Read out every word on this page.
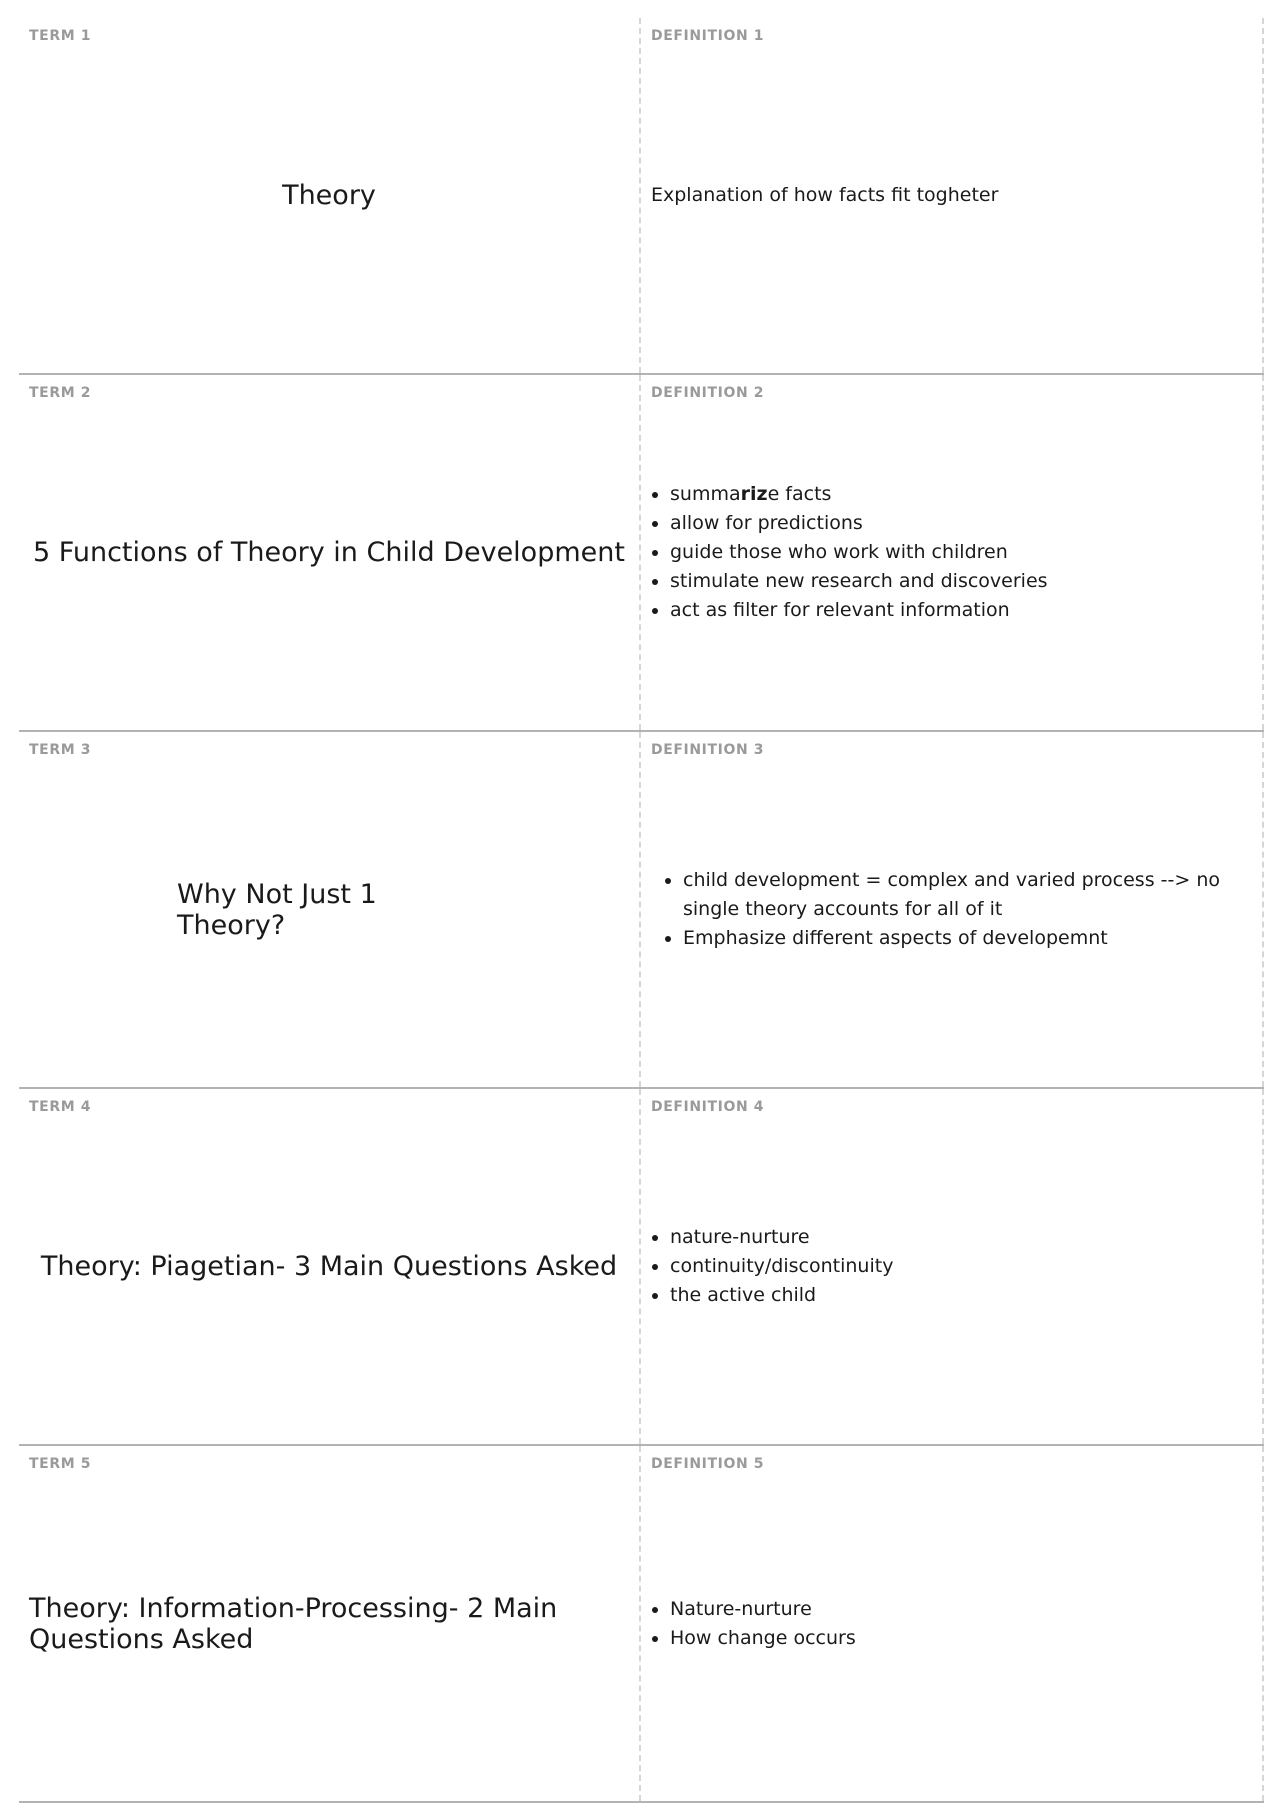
TERM 1
Theory
DEFINITION 1
Explanation of how facts fit togheter
TERM 2
5 Functions of Theory in Child Development
DEFINITION 2
• summarize facts
• allow for predictions
• guide those who work with children
• stimulate new research and discoveries
• act as filter for relevant information
TERM 3
Why Not Just 1
Theory?
DEFINITION 3
• child development = complex and varied process --> no single theory accounts for all of it
• Emphasize different aspects of developemnt
TERM 4
Theory: Piagetian- 3 Main Questions Asked
DEFINITION 4
• nature-nurture
• continuity/discontinuity
• the active child
TERM 5
Theory: Information-Processing- 2 Main
Questions Asked
DEFINITION 5
• Nature-nurture
• How change occurs
